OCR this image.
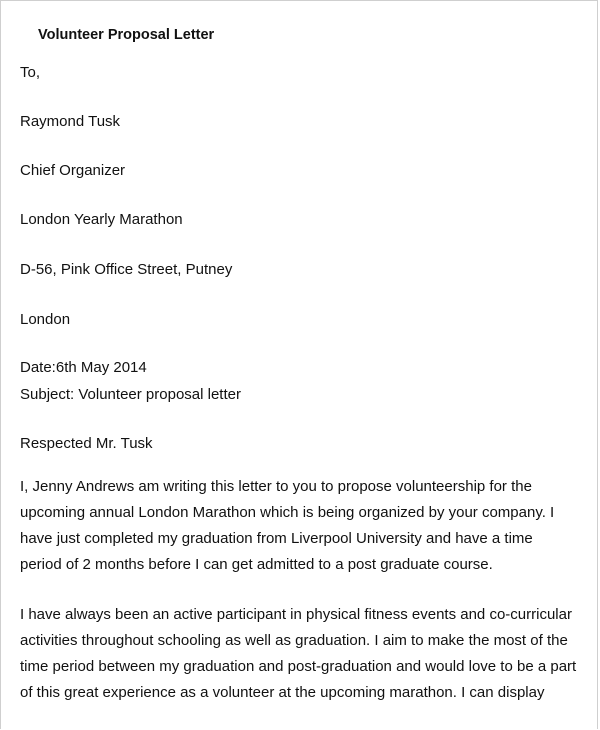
Volunteer Proposal Letter
To,
Raymond Tusk
Chief Organizer
London Yearly Marathon
D-56, Pink Office Street, Putney
London
Date:6th May 2014
Subject: Volunteer proposal letter
Respected Mr. Tusk
I, Jenny Andrews am writing this letter to you to propose volunteership for the
upcoming annual London Marathon which is being organized by your company. I
have just completed my graduation from Liverpool University and have a time
period of 2 months before I can get admitted to a post graduate course.
I have always been an active participant in physical fitness events and co-curricular
activities throughout schooling as well as graduation. I aim to make the most of the
time period between my graduation and post-graduation and would love to be a part
of this great experience as a volunteer at the upcoming marathon. I can display
